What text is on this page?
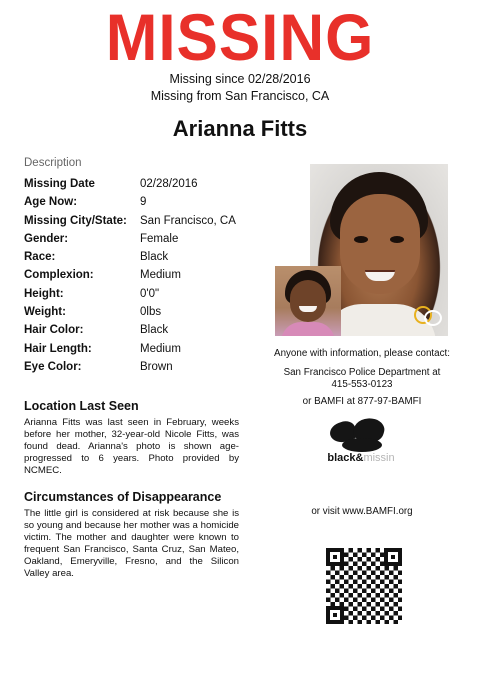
MISSING
Missing since 02/28/2016
Missing from San Francisco, CA
Arianna Fitts
Description
Missing Date	02/28/2016
Age Now:	9
Missing City/State: San Francisco, CA
Gender:	Female
Race:	Black
Complexion:	Medium
Height:	0'0"
Weight:	0lbs
Hair Color:	Black
Hair Length:	Medium
Eye Color:	Brown
Location Last Seen
Arianna Fitts was last seen in February, weeks before her mother, 32-year-old Nicole Fitts, was found dead. Arianna's photo is shown age-progressed to 6 years. Photo provided by NCMEC.
Circumstances of Disappearance
The little girl is considered at risk because she is so young and because her mother was a homicide victim. The mother and daughter were known to frequent San Francisco, Santa Cruz, San Mateo, Oakland, Emeryville, Fresno, and the Silicon Valley area.
Anyone with information, please contact:
San Francisco Police Department at
415-553-0123
or BAMFI at 877-97-BAMFI
black&missin
or visit www.BAMFI.org
